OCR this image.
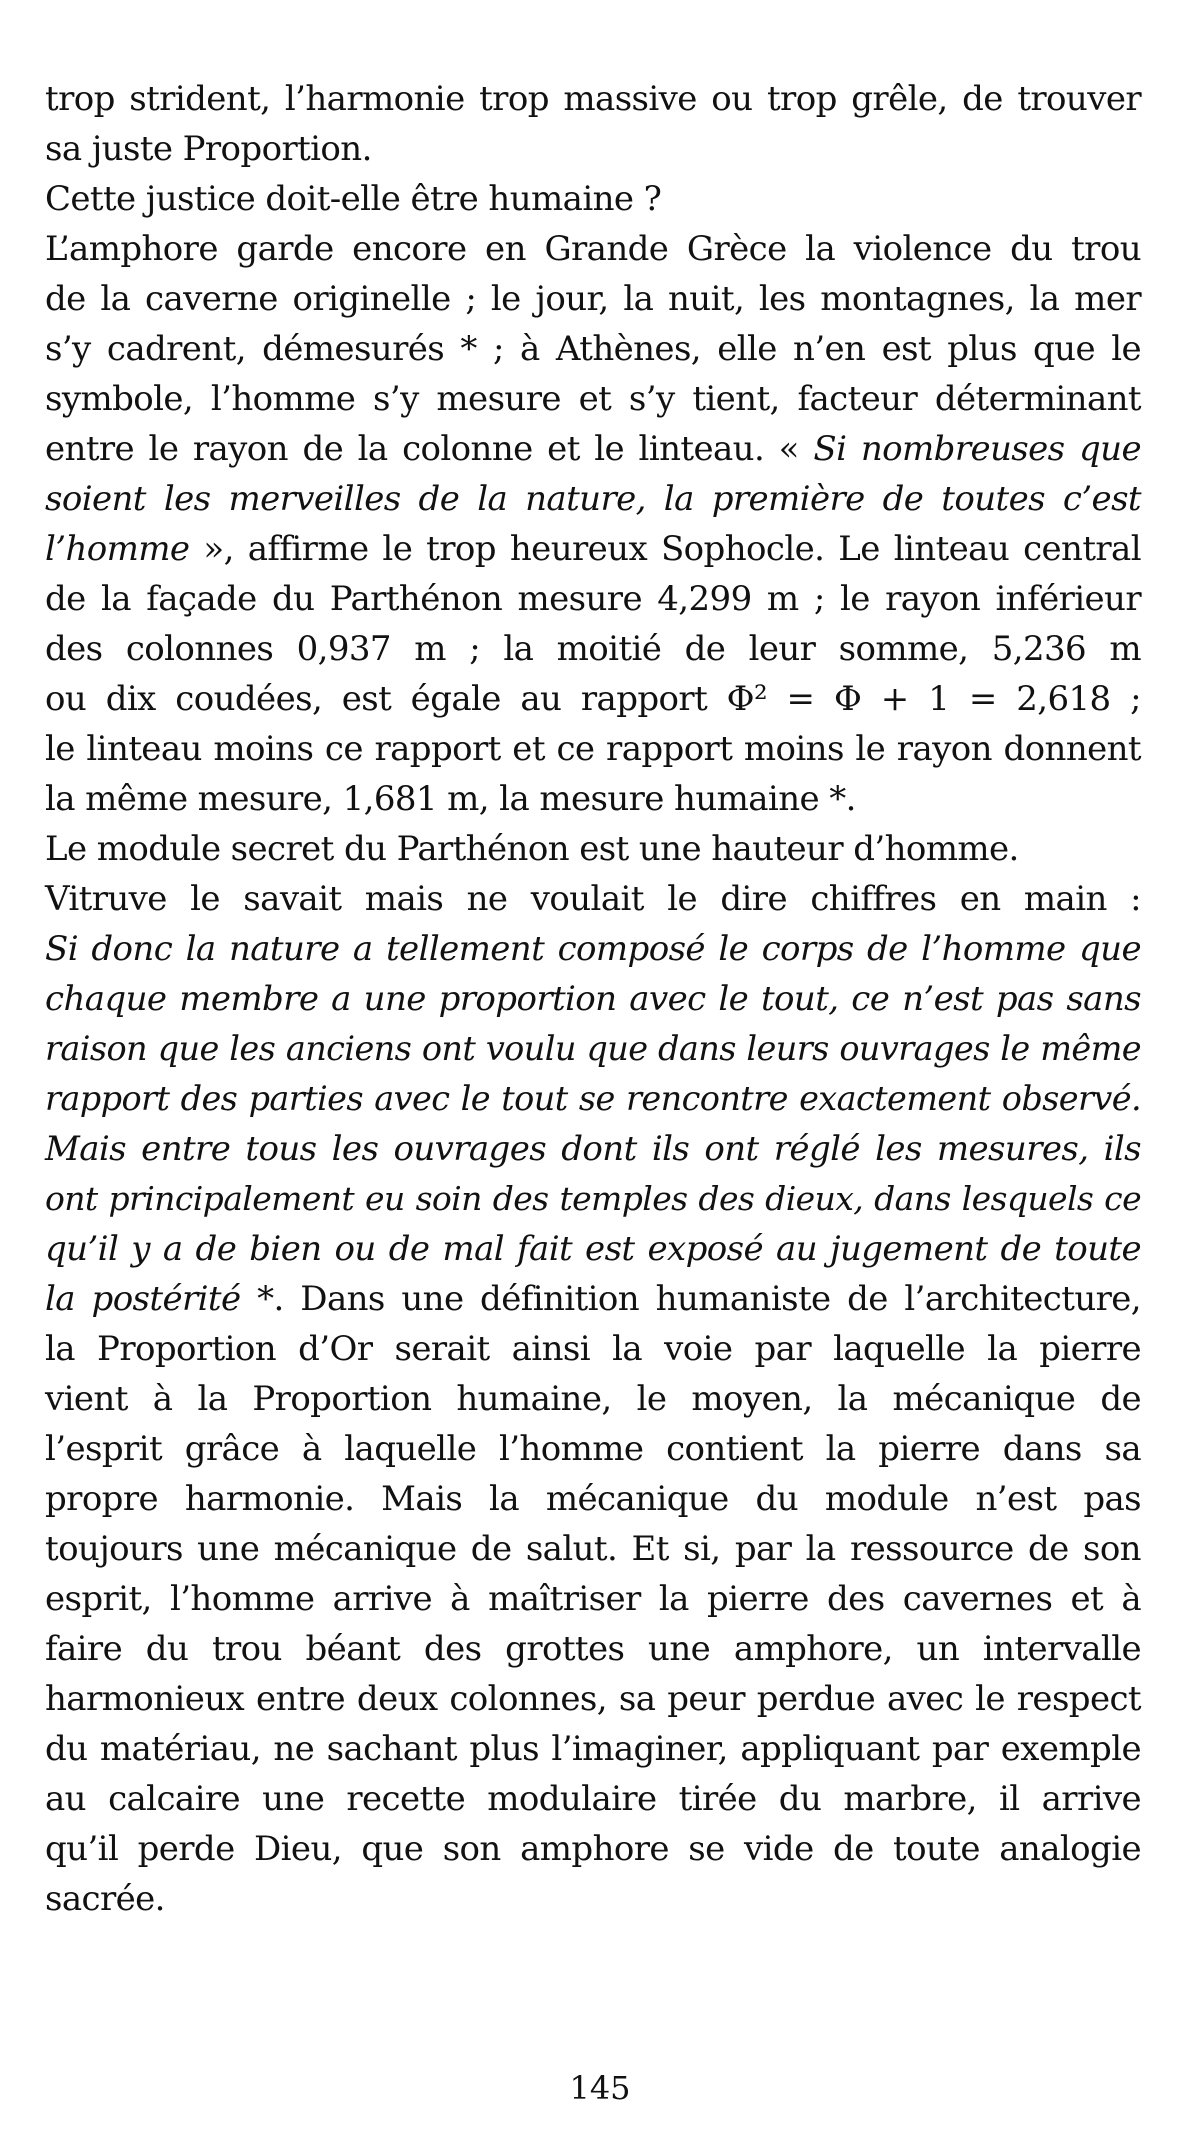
trop strident, l’harmonie trop massive ou trop grêle, de trouver
sa juste Proportion.
Cette justice doit-elle être humaine ?
L’amphore garde encore en Grande Grèce la violence du trou
de la caverne originelle ; le jour, la nuit, les montagnes, la mer
s’y cadrent, démesurés * ; à Athènes, elle n’en est plus que le
symbole, l’homme s’y mesure et s’y tient, facteur déterminant
entre le rayon de la colonne et le linteau. « Si nombreuses que
soient les merveilles de la nature, la première de toutes c’est
l’homme », affirme le trop heureux Sophocle. Le linteau central
de la façade du Parthénon mesure 4,299 m ; le rayon inférieur
des colonnes 0,937 m ; la moitié de leur somme, 5,236 m
ou dix coudées, est égale au rapport Φ² = Φ + 1 = 2,618 ;
le linteau moins ce rapport et ce rapport moins le rayon donnent
la même mesure, 1,681 m, la mesure humaine *.
Le module secret du Parthénon est une hauteur d’homme.
Vitruve le savait mais ne voulait le dire chiffres en main :
Si donc la nature a tellement composé le corps de l’homme que
chaque membre a une proportion avec le tout, ce n’est pas sans
raison que les anciens ont voulu que dans leurs ouvrages le même
rapport des parties avec le tout se rencontre exactement observé.
Mais entre tous les ouvrages dont ils ont réglé les mesures, ils
ont principalement eu soin des temples des dieux, dans lesquels ce
qu’il y a de bien ou de mal fait est exposé au jugement de toute
la postérité *. Dans une définition humaniste de l’architecture,
la Proportion d’Or serait ainsi la voie par laquelle la pierre
vient à la Proportion humaine, le moyen, la mécanique de
l’esprit grâce à laquelle l’homme contient la pierre dans sa
propre harmonie. Mais la mécanique du module n’est pas
toujours une mécanique de salut. Et si, par la ressource de son
esprit, l’homme arrive à maîtriser la pierre des cavernes et à
faire du trou béant des grottes une amphore, un intervalle
harmonieux entre deux colonnes, sa peur perdue avec le respect
du matériau, ne sachant plus l’imaginer, appliquant par exemple
au calcaire une recette modulaire tirée du marbre, il arrive
qu’il perde Dieu, que son amphore se vide de toute analogie
sacrée.
145
